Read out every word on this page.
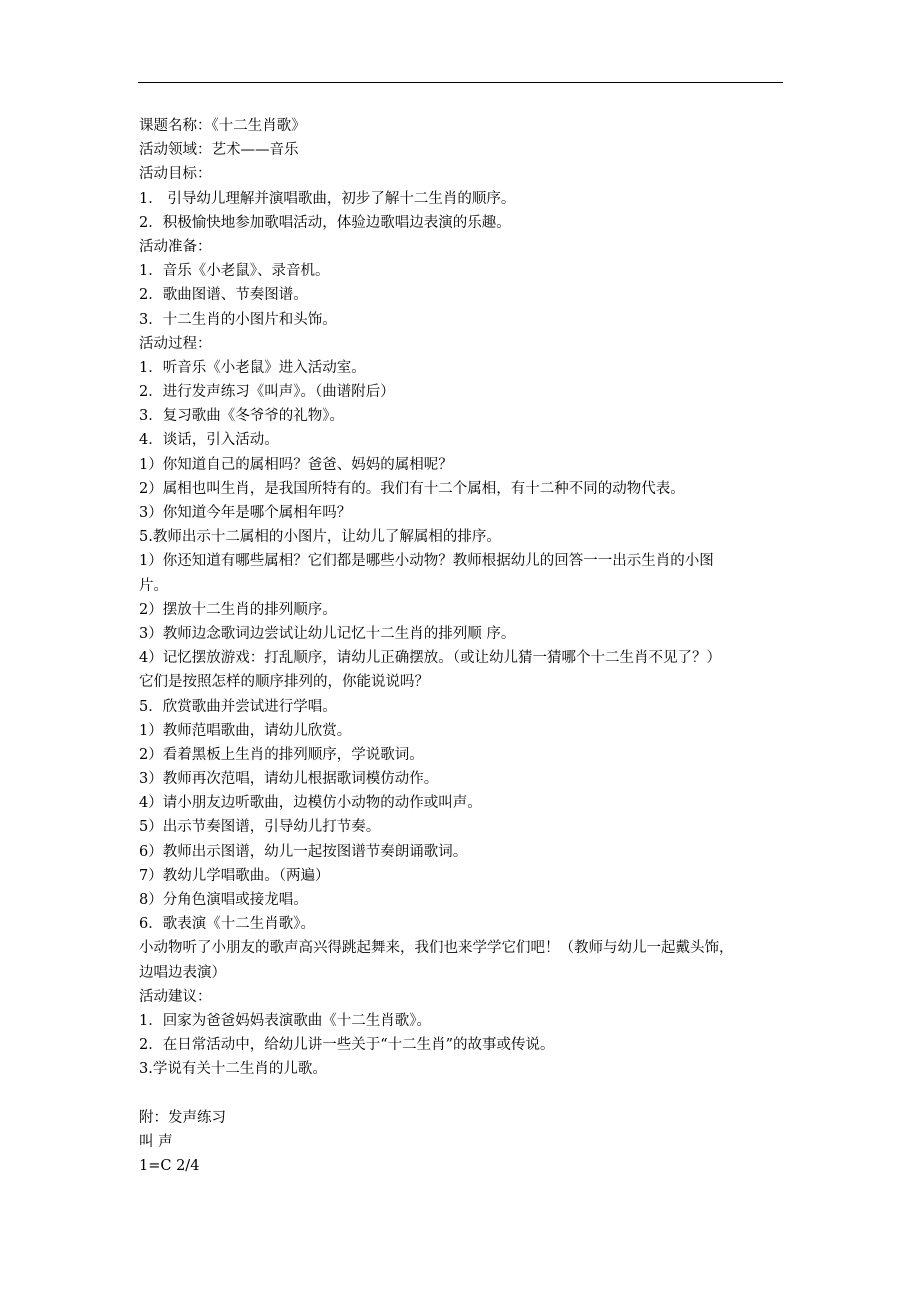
课题名称：《十二生肖歌》
活动领域：艺术——音乐
活动目标：
1． 引导幼儿理解并演唱歌曲，初步了解十二生肖的顺序。
2．积极愉快地参加歌唱活动，体验边歌唱边表演的乐趣。
活动准备：
1．音乐《小老鼠》、录音机。
2．歌曲图谱、节奏图谱。
3．十二生肖的小图片和头饰。
活动过程：
1．听音乐《小老鼠》进入活动室。
2．进行发声练习《叫声》。（曲谱附后）
3．复习歌曲《冬爷爷的礼物》。
4．谈话，引入活动。
1）你知道自己的属相吗？爸爸、妈妈的属相呢？
2）属相也叫生肖，是我国所特有的。我们有十二个属相，有十二种不同的动物代表。
3）你知道今年是哪个属相年吗？
5.教师出示十二属相的小图片，让幼儿了解属相的排序。
1）你还知道有哪些属相？它们都是哪些小动物？教师根据幼儿的回答一一出示生肖的小图
片。
2）摆放十二生肖的排列顺序。
3）教师边念歌词边尝试让幼儿记忆十二生肖的排列顺 序。
4）记忆摆放游戏：打乱顺序，请幼儿正确摆放。（或让幼儿猜一猜哪个十二生肖不见了？）
它们是按照怎样的顺序排列的，你能说说吗？
5．欣赏歌曲并尝试进行学唱。
1）教师范唱歌曲，请幼儿欣赏。
2）看着黑板上生肖的排列顺序，学说歌词。
3）教师再次范唱，请幼儿根据歌词模仿动作。
4）请小朋友边听歌曲，边模仿小动物的动作或叫声。
5）出示节奏图谱，引导幼儿打节奏。
6）教师出示图谱，幼儿一起按图谱节奏朗诵歌词。
7）教幼儿学唱歌曲。（两遍）
8）分角色演唱或接龙唱。
6．歌表演《十二生肖歌》。
小动物听了小朋友的歌声高兴得跳起舞来，我们也来学学它们吧！（教师与幼儿一起戴头饰，
边唱边表演）
活动建议：
1．回家为爸爸妈妈表演歌曲《十二生肖歌》。
2．在日常活动中，给幼儿讲一些关于“十二生肖”的故事或传说。
3.学说有关十二生肖的儿歌。
附：发声练习
叫 声
1=C 2/4
